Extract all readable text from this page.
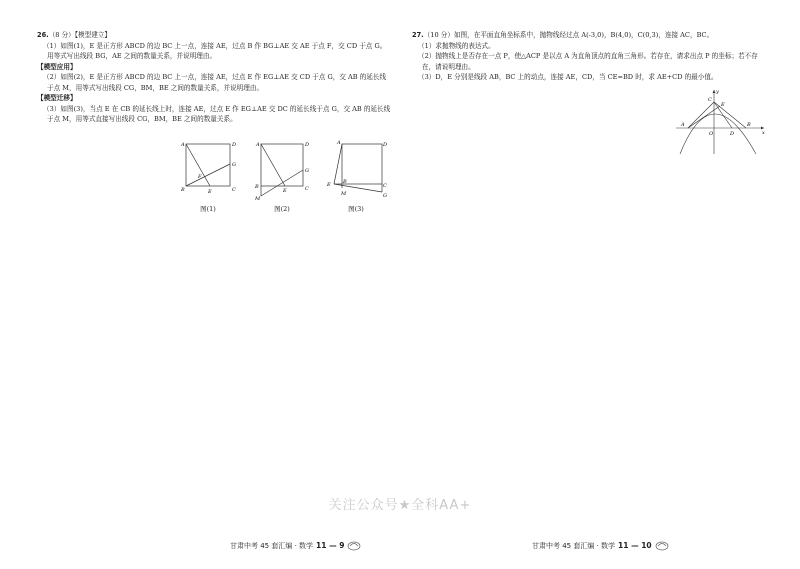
26.（8 分）【模型建立】
（1）如图(1)，E 是正方形 ABCD 的边 BC 上一点，连接 AE，过点 B 作 BG⊥AE 交 AE 于点 F，交 CD 于点 G。用等式写出线段 BG，AE 之间的数量关系，并说明理由。
【模型应用】
（2）如图(2)，E 是正方形 ABCD 的边 BC 上一点，连接 AE，过点 E 作 EG⊥AE 交 CD 于点 G，交 AB 的延长线于点 M，用等式写出线段 CG，BM，BE 之间的数量关系，并说明理由。
【模型迁移】
（3）如图(3)，当点 E 在 CB 的延长线上时，连接 AE，过点 E 作 EG⊥AE 交 DC 的延长线于点 G，交 AB 的延长线于点 M，用等式直接写出线段 CG，BM，BE 之间的数量关系。
A	D
G
B	E	C
F
A	D
G
B
E	C
M
A	D
E B
C
M	G
图(1)	图(2)	图(3)
27.（10 分）如图，在平面直角坐标系中，抛物线经过点 A(-3,0)，B(4,0)，C(0,3)，连接 AC，BC。
（1）求抛物线的表达式。
（2）抛物线上是否存在一点 P，使△ACP 是以点 A 为直角顶点的直角三角形。若存在，请求出点 P 的坐标；若不存在，请说明理由。
（3）D，E 分别是线段 AB，BC 上的动点，连接 AE，CD，当 CE=BD 时，求 AE+CD 的最小值。
A
C
E
O	D
B
x
y
关注公众号★全科AA+
甘肃中考 45 套汇编 · 数学 11 — 9	甘肃中考 45 套汇编 · 数学 11 — 10
